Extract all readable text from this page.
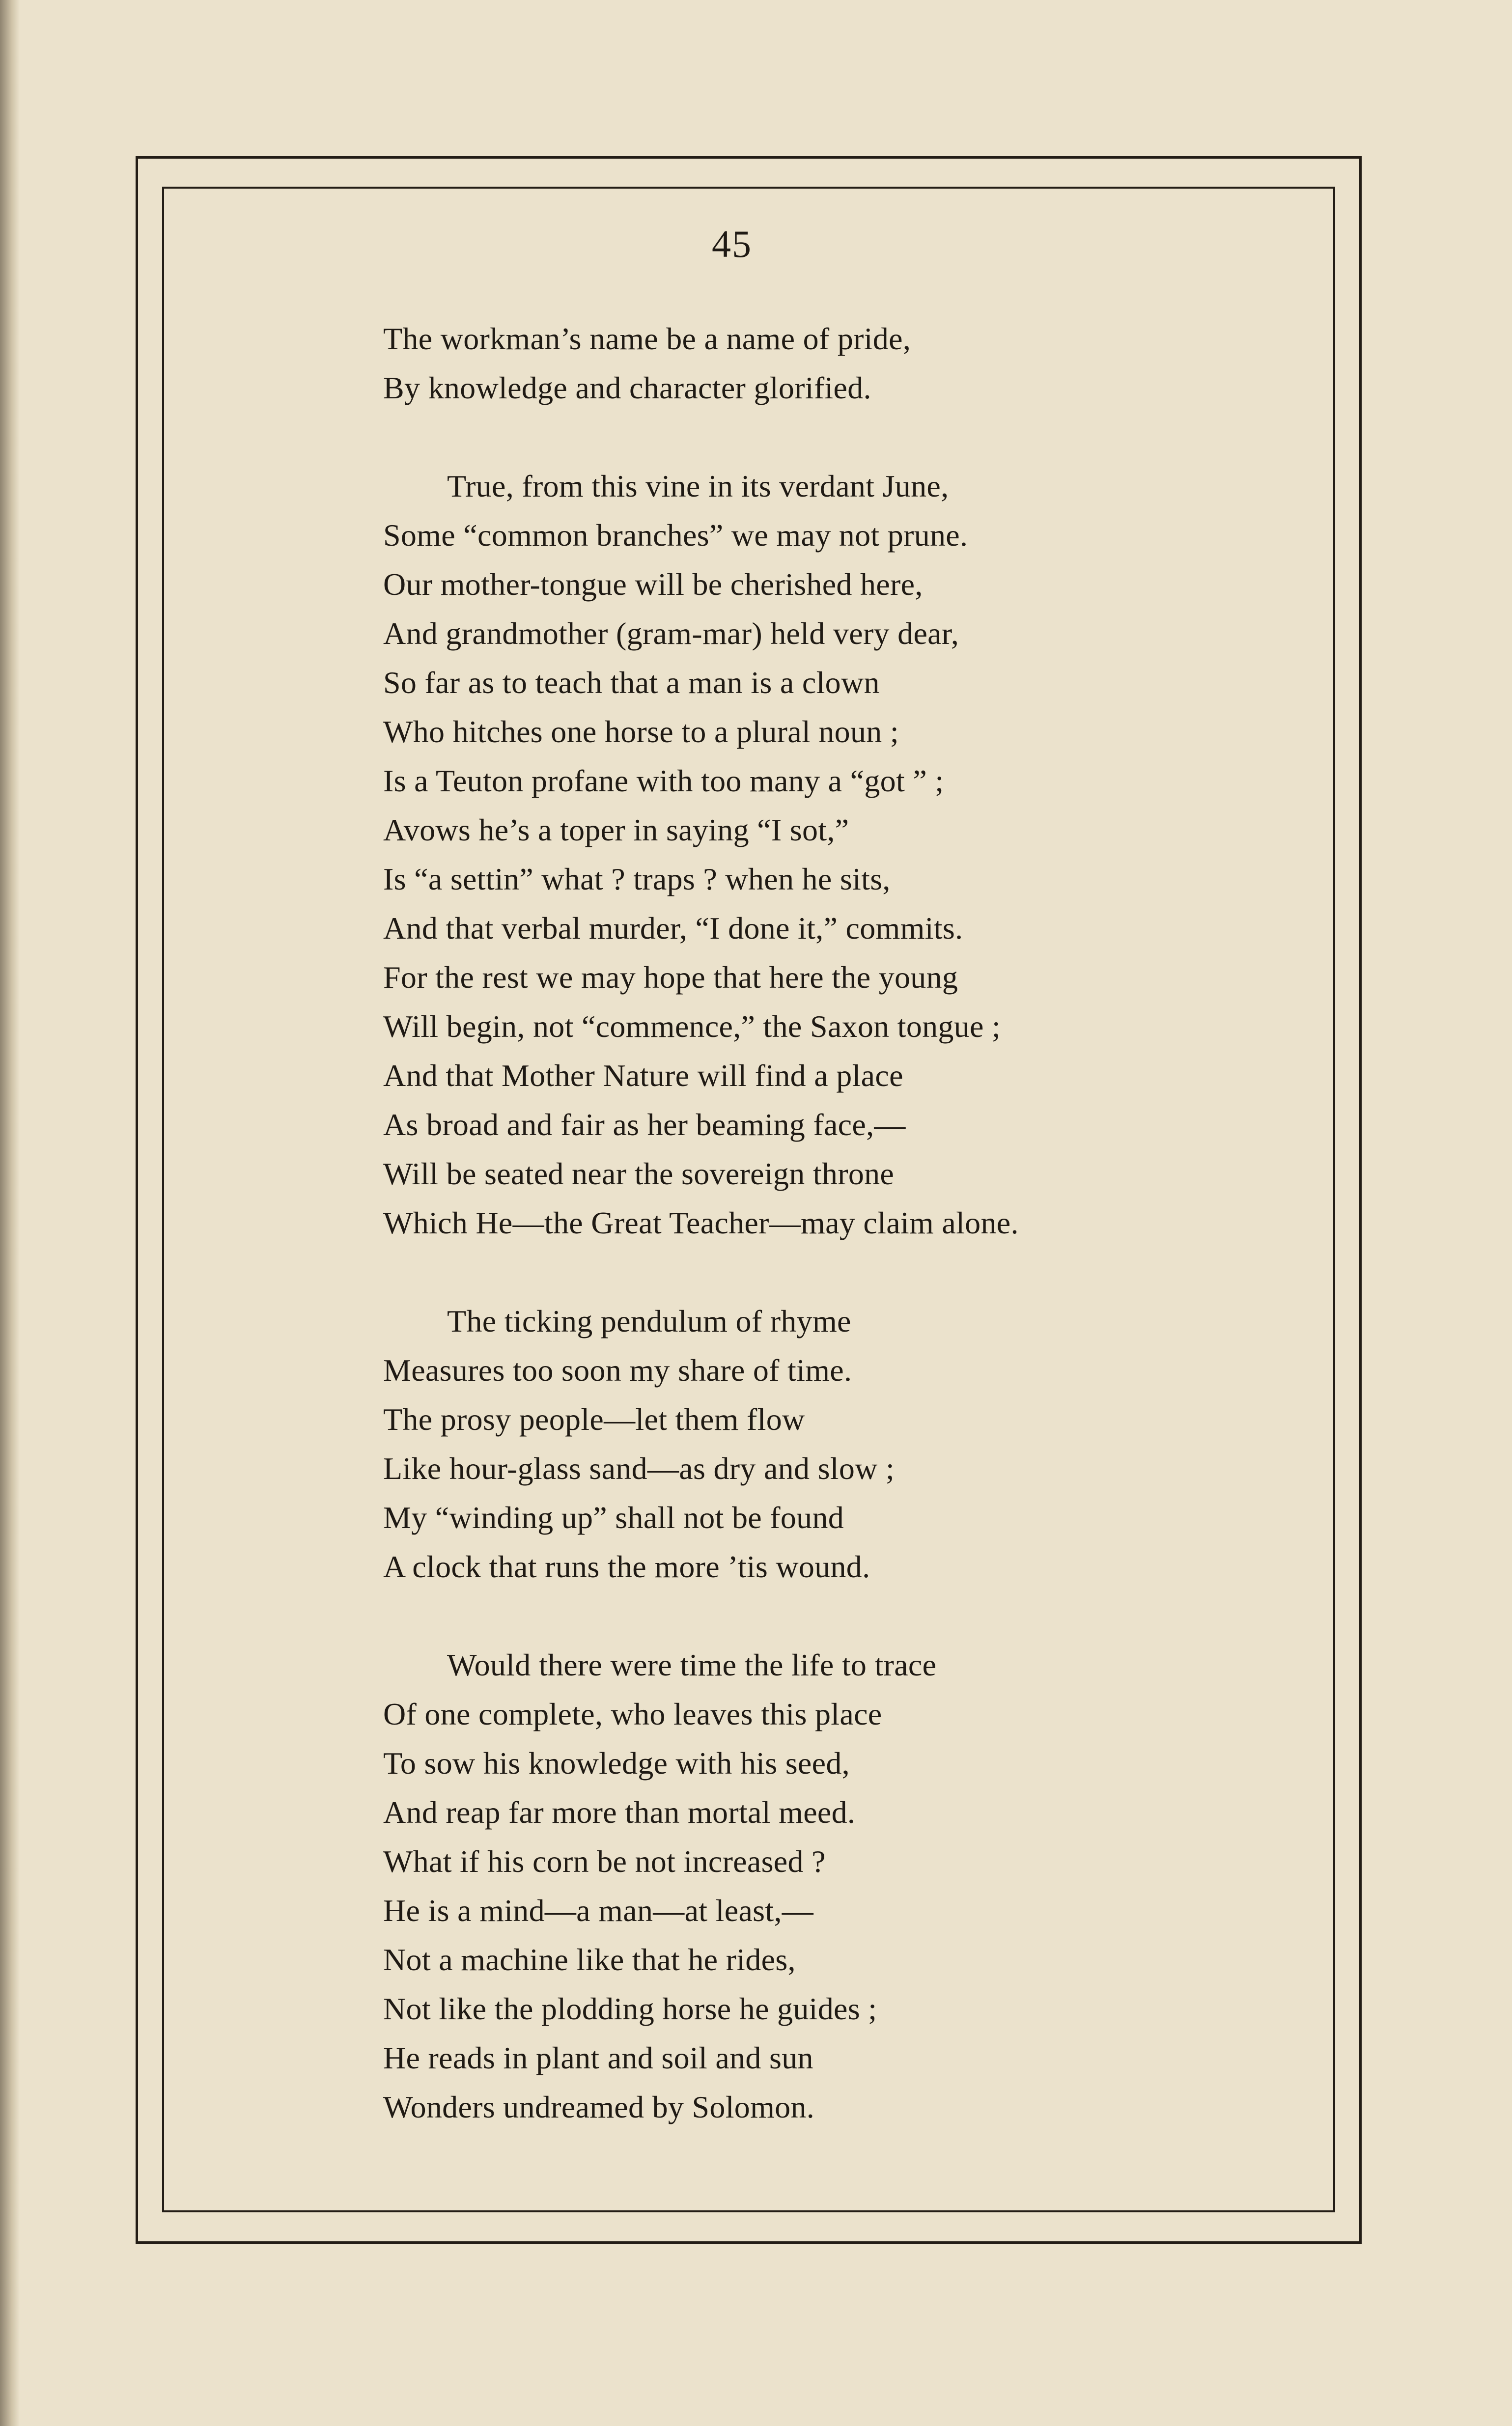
45

The workman’s name be a name of pride,
By knowledge and character glorified.

True, from this vine in its verdant June,
Some “common branches” we may not prune.
Our mother-tongue will be cherished here,
And grandmother (gram-mar) held very dear,
So far as to teach that a man is a clown
Who hitches one horse to a plural noun ;
Is a Teuton profane with too many a “got ” ;
Avows he’s a toper in saying “I sot,”
Is “a settin” what ? traps ? when he sits,
And that verbal murder, “I done it,” commits.
For the rest we may hope that here the young
Will begin, not “commence,” the Saxon tongue ;
And that Mother Nature will find a place
As broad and fair as her beaming face,—
Will be seated near the sovereign throne
Which He—the Great Teacher—may claim alone.

The ticking pendulum of rhyme
Measures too soon my share of time.
The prosy people—let them flow
Like hour-glass sand—as dry and slow ;
My “winding up” shall not be found
A clock that runs the more ’tis wound.

Would there were time the life to trace
Of one complete, who leaves this place
To sow his knowledge with his seed,
And reap far more than mortal meed.
What if his corn be not increased ?
He is a mind—a man—at least,—
Not a machine like that he rides,
Not like the plodding horse he guides ;
He reads in plant and soil and sun
Wonders undreamed by Solomon.
